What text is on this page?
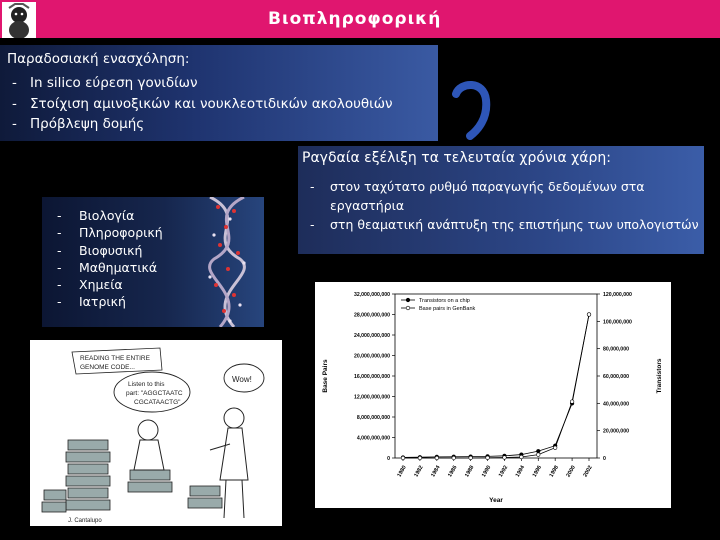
Βιοπληροφορική
Παραδοσιακή ενασχόληση:
- In silico εύρεση γονιδίων
- Στοίχιση αμινοξικών και νουκλεοτιδικών ακολουθιών
- Πρόβλεψη δομής
Ραγδαία εξέλιξη τα τελευταία χρόνια χάρη:
- στον ταχύτατο ρυθμό παραγωγής δεδομένων στα εργαστήρια
- στη θεαματική ανάπτυξη της επιστήμης των υπολογιστών
- Βιολογία
- Πληροφορική
- Βιοφυσική
- Μαθηματικά
- Χημεία
- Ιατρική
READING THE ENTIRE
GENOME CODE...
Listen to this
part: "AGGCTAATC
CGCATAACTG"
Wow!
J. Cantalupo
0
4,000,000,000
8,000,000,000
12,000,000,000
16,000,000,000
20,000,000,000
24,000,000,000
28,000,000,000
32,000,000,000
0
20,000,000
40,000,000
60,000,000
80,000,000
100,000,000
120,000,000
1980 1982 1984 1986 1988 1990 1992 1994 1996 1998 2000 2002
Year
Base Pairs	Transistors
Transistors on a chip
Base pairs in GenBank
